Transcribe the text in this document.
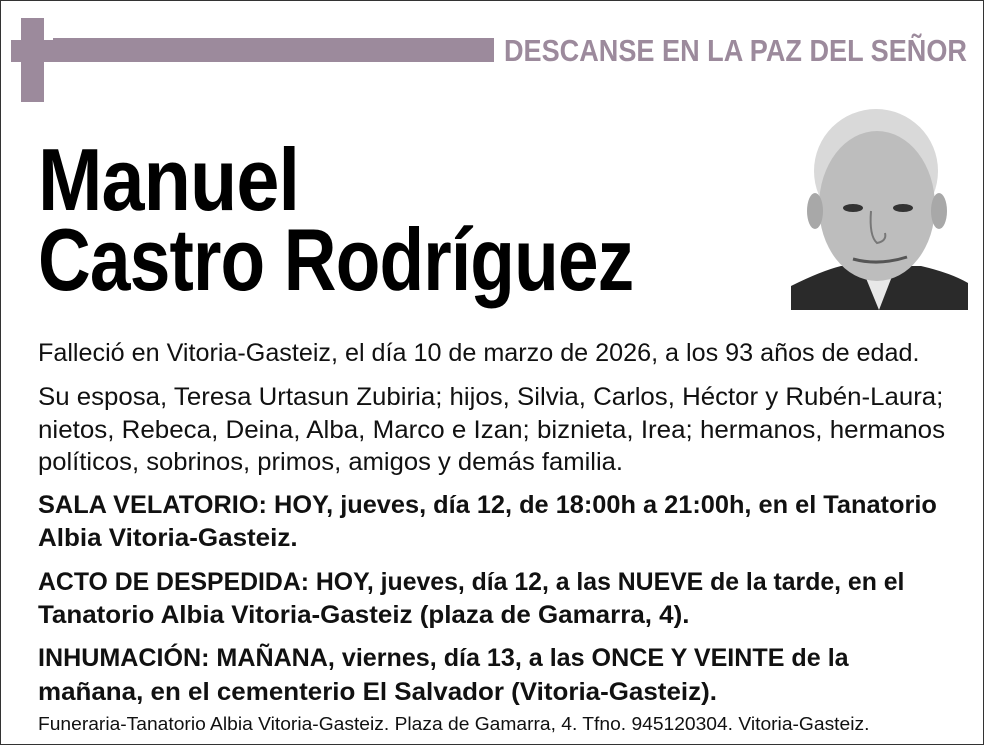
DESCANSE EN LA PAZ DEL SEÑOR
Manuel
Castro Rodríguez
Falleció en Vitoria-Gasteiz, el día 10 de marzo de 2026, a los 93 años de edad.
Su esposa, Teresa Urtasun Zubiria; hijos, Silvia, Carlos, Héctor y Rubén-Laura;
nietos, Rebeca, Deina, Alba, Marco e Izan; biznieta, Irea; hermanos, hermanos
políticos, sobrinos, primos, amigos y demás familia.
SALA VELATORIO: HOY, jueves, día 12, de 18:00h a 21:00h, en el Tanatorio
Albia Vitoria-Gasteiz.
ACTO DE DESPEDIDA: HOY, jueves, día 12, a las NUEVE de la tarde, en el
Tanatorio Albia Vitoria-Gasteiz (plaza de Gamarra, 4).
INHUMACIÓN: MAÑANA, viernes, día 13, a las ONCE Y VEINTE de la
mañana, en el cementerio El Salvador (Vitoria-Gasteiz).
Funeraria-Tanatorio Albia Vitoria-Gasteiz. Plaza de Gamarra, 4. Tfno. 945120304. Vitoria-Gasteiz.
